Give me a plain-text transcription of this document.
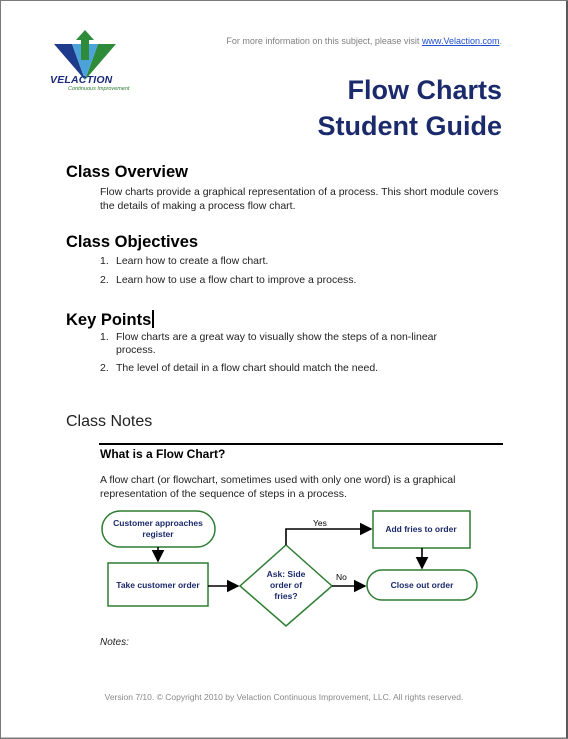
VELACTION
Continuous Improvement
For more information on this subject, please visit www.Velaction.com.
Flow Charts
Student Guide
Class Overview
Flow charts provide a graphical representation of a process. This short module covers the details of making a process flow chart.
Class Objectives
1. Learn how to create a flow chart.
2. Learn how to use a flow chart to improve a process.
Key Points
1. Flow charts are a great way to visually show the steps of a non-linear process.
2. The level of detail in a flow chart should match the need.
Class Notes
What is a Flow Chart?
A flow chart (or flowchart, sometimes used with only one word) is a graphical representation of the sequence of steps in a process.
Customer approaches
register
Take customer order
Ask: Side
order of
fries?
Add fries to order
Close out order
Yes
No
Notes:
Version 7/10. © Copyright 2010 by Velaction Continuous Improvement, LLC. All rights reserved.
